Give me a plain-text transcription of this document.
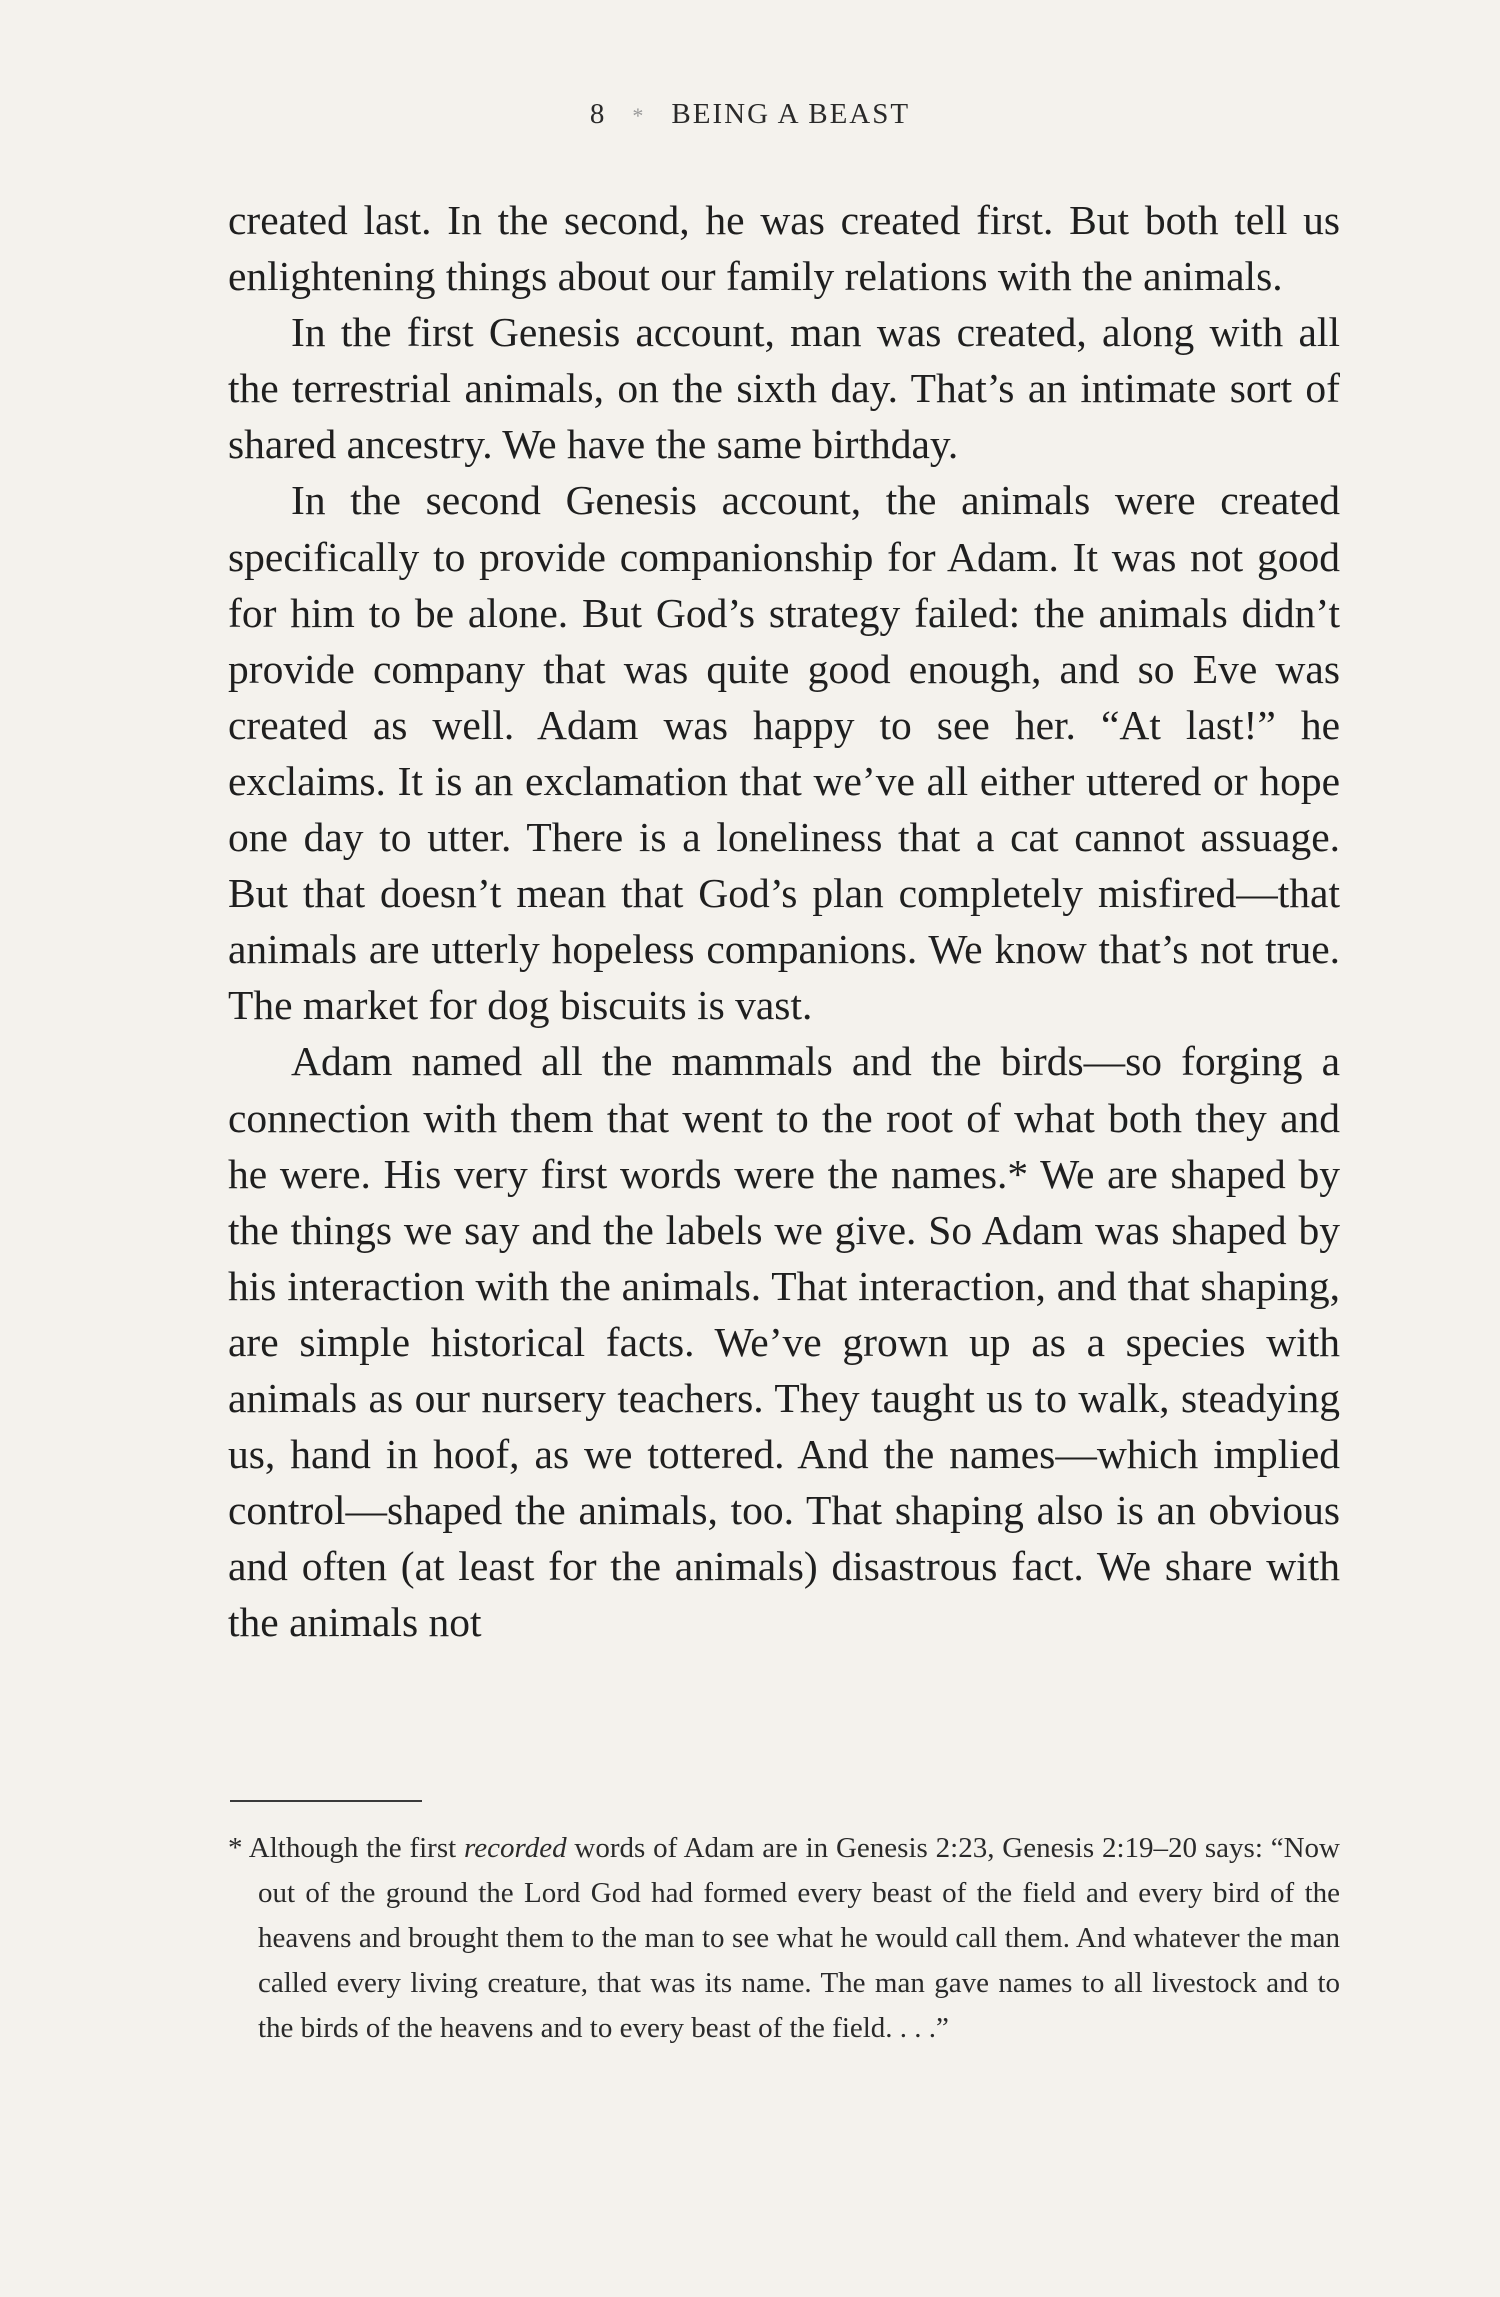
8 * BEING A BEAST

created last. In the second, he was created first. But both tell us enlightening things about our family relations with the animals.

In the first Genesis account, man was created, along with all the terrestrial animals, on the sixth day. That’s an intimate sort of shared ancestry. We have the same birthday.

In the second Genesis account, the animals were created specifically to provide companionship for Adam. It was not good for him to be alone. But God’s strategy failed: the animals didn’t provide company that was quite good enough, and so Eve was created as well. Adam was happy to see her. “At last!” he exclaims. It is an exclamation that we’ve all either uttered or hope one day to utter. There is a loneliness that a cat cannot assuage. But that doesn’t mean that God’s plan completely misfired—that animals are utterly hopeless companions. We know that’s not true. The market for dog biscuits is vast.

Adam named all the mammals and the birds—so forging a connection with them that went to the root of what both they and he were. His very first words were the names.* We are shaped by the things we say and the labels we give. So Adam was shaped by his interaction with the animals. That interaction, and that shaping, are simple historical facts. We’ve grown up as a species with animals as our nursery teachers. They taught us to walk, steadying us, hand in hoof, as we tottered. And the names—which implied control—shaped the animals, too. That shaping also is an obvious and often (at least for the animals) disastrous fact. We share with the animals not

* Although the first recorded words of Adam are in Genesis 2:23, Genesis 2:19–20 says: “Now out of the ground the Lord God had formed every beast of the field and every bird of the heavens and brought them to the man to see what he would call them. And whatever the man called every living creature, that was its name. The man gave names to all livestock and to the birds of the heavens and to every beast of the field. . . .”
